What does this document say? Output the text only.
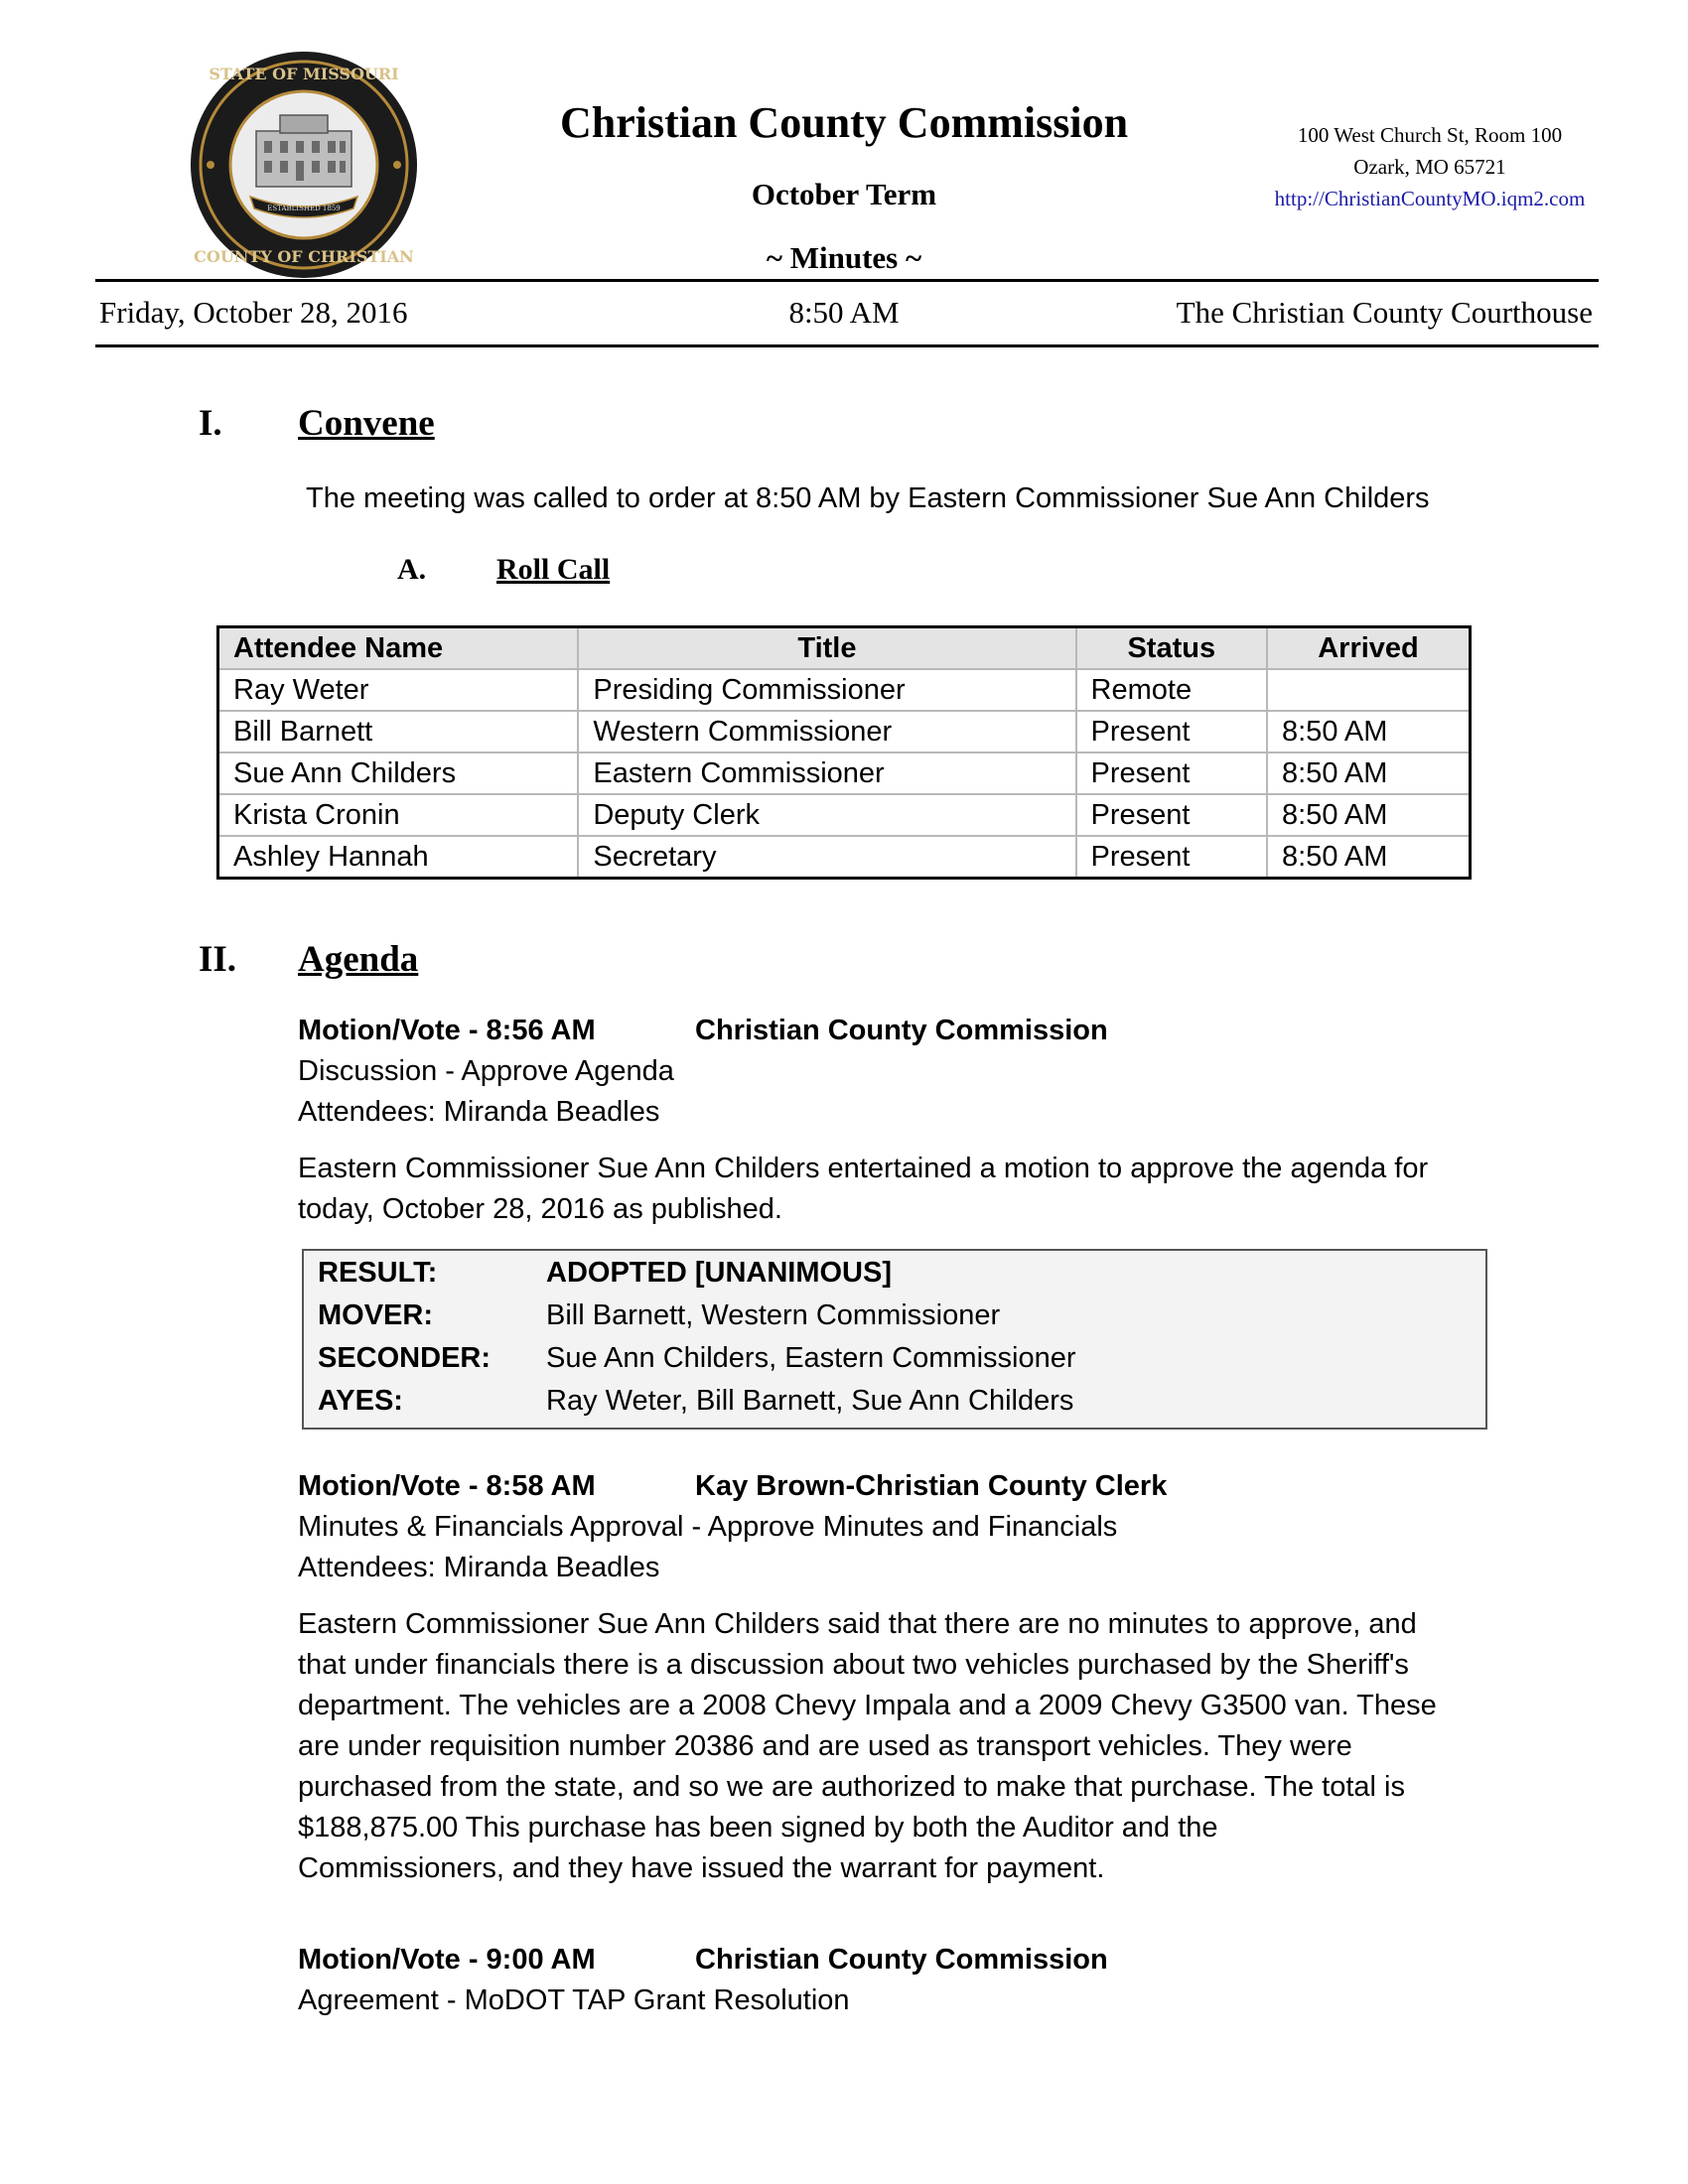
ESTABLISHED 1859
STATE OF MISSOURI
COUNTY OF CHRISTIAN
Christian County Commission
October Term
~ Minutes ~
100 West Church St, Room 100
Ozark, MO 65721
http://ChristianCountyMO.iqm2.com
Friday, October 28, 2016	8:50 AM	The Christian County Courthouse
I. Convene
The meeting was called to order at 8:50 AM by Eastern Commissioner Sue Ann Childers
A. Roll Call
Attendee Name	Title	Status	Arrived
Ray Weter	Presiding Commissioner	Remote	
Bill Barnett	Western Commissioner	Present	8:50 AM
Sue Ann Childers	Eastern Commissioner	Present	8:50 AM
Krista Cronin	Deputy Clerk	Present	8:50 AM
Ashley Hannah	Secretary	Present	8:50 AM
II. Agenda
Motion/Vote - 8:56 AM	Christian County Commission
Discussion - Approve Agenda
Attendees: Miranda Beadles
Eastern Commissioner Sue Ann Childers entertained a motion to approve the agenda for
today, October 28, 2016 as published.
RESULT:	ADOPTED [UNANIMOUS]
MOVER:	Bill Barnett, Western Commissioner
SECONDER: Sue Ann Childers, Eastern Commissioner
AYES:	Ray Weter, Bill Barnett, Sue Ann Childers
Motion/Vote - 8:58 AM	Kay Brown-Christian County Clerk
Minutes & Financials Approval - Approve Minutes and Financials
Attendees: Miranda Beadles
Eastern Commissioner Sue Ann Childers said that there are no minutes to approve, and
that under financials there is a discussion about two vehicles purchased by the Sheriff's
department. The vehicles are a 2008 Chevy Impala and a 2009 Chevy G3500 van. These
are under requisition number 20386 and are used as transport vehicles. They were
purchased from the state, and so we are authorized to make that purchase. The total is
$188,875.00 This purchase has been signed by both the Auditor and the
Commissioners, and they have issued the warrant for payment.
Motion/Vote - 9:00 AM	Christian County Commission
Agreement - MoDOT TAP Grant Resolution
